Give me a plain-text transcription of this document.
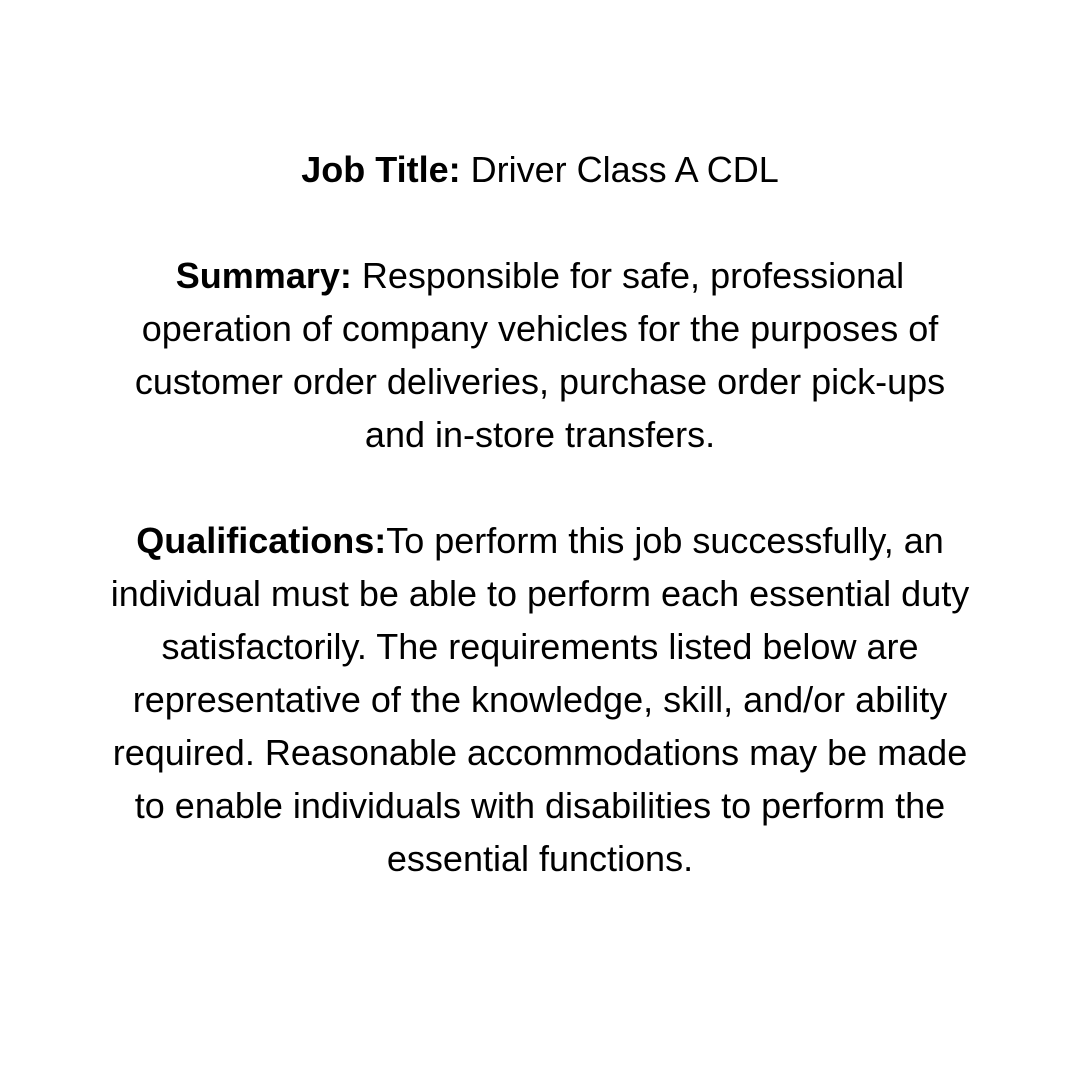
Job Title: Driver Class A CDL

Summary: Responsible for safe, professional operation of company vehicles for the purposes of customer order deliveries, purchase order pick-ups and in-store transfers.

Qualifications:To perform this job successfully, an individual must be able to perform each essential duty satisfactorily. The requirements listed below are representative of the knowledge, skill, and/or ability required. Reasonable accommodations may be made to enable individuals with disabilities to perform the essential functions.
